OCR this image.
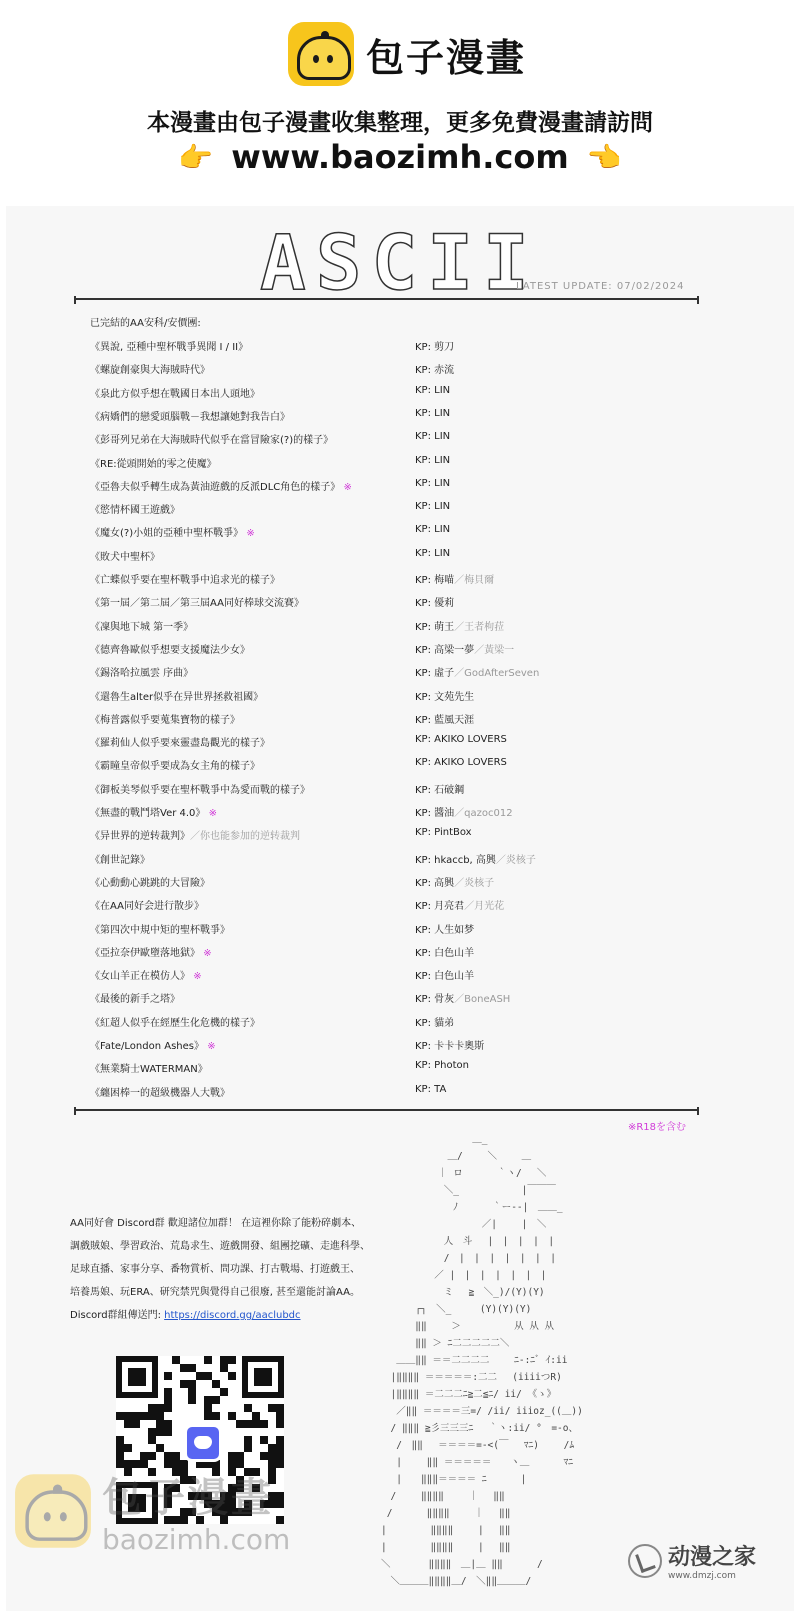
包子漫畫
本漫畫由包子漫畫收集整理，更多免費漫畫請訪問
👉 www.baozimh.com 👈
ASCII
LATEST UPDATE: 07/02/2024
已完結的AA安科/安價團:
《異說, 亞種中聖杯戰爭異聞 I / II》	KP: 剪刀
《螺旋創豪與大海賊時代》	KP: 赤流
《泉此方似乎想在戰國日本出人頭地》	KP: LIN
《病嬌們的戀愛頭腦戰－我想讓她對我告白》	KP: LIN
《彭哥列兄弟在大海賊時代似乎在當冒險家(?)的樣子》	KP: LIN
《RE:從頭開始的零之使魔》	KP: LIN
《亞魯夫似乎轉生成為黃油遊戲的反派DLC角色的樣子》 ※	KP: LIN
《慾情杯國王遊戲》	KP: LIN
《魔女(?)小姐的亞種中聖杯戰爭》 ※	KP: LIN
《敗犬中聖杯》	KP: LIN
《亡蝶似乎要在聖杯戰爭中追求光的樣子》	KP: 梅喵／梅貝爾
《第一屆／第二屆／第三屆AA同好棒球交流賽》	KP: 優莉
《凜與地下城 第一季》	KP: 萌王／王者枸菈
《德齊魯歐似乎想要支援魔法少女》	KP: 高梁一夢／黃梁一
《錫洛哈拉風雲 序曲》	KP: 虛子／GodAfterSeven
《還魯生alter似乎在异世界拯救祖國》	KP: 文苑先生
《梅普露似乎要蒐集寶物的樣子》	KP: 藍風天涯
《羅莉仙人似乎要來靈盡島觀光的樣子》	KP: AKIKO LOVERS
《霸瞳皇帝似乎要成為女主角的樣子》	KP: AKIKO LOVERS
《御板美琴似乎要在聖杯戰爭中為愛而戰的樣子》	KP: 石破鋼
《無盡的戰鬥塔Ver 4.0》 ※	KP: 醬油／qazoc012
《异世界的逆转裁判》／你也能参加的逆转裁判	KP: PintBox
《創世記錄》	KP: hkaccb, 高興／炎核子
《心動動心跳跳的大冒險》	KP: 高興／炎核子
《在AA同好会进行散步》	KP: 月亮君／月光花
《第四次中規中矩的聖杯戰爭》	KP: 人生如梦
《亞拉奈伊歐墮落地獄》 ※	KP: 白色山羊
《女山羊正在模仿人》 ※	KP: 白色山羊
《最後的新手之塔》	KP: 骨灰／BoneASH
《紅超人似乎在經歷生化危機的樣子》	KP: 貓弟
《Fate/London Ashes》 ※	KP: 卡卡卡奧斯
《無業騎士WATERMAN》	KP: Photon
《纏困棒一的超級機器人大戰》	KP: TA
※R18を含む
AA同好會 Discord群 歡迎諸位加群！ 在這裡你除了能粉碎劇本、
調戲賊娘、學習政治、荒島求生、遊戲開發、組團挖礦、走進科學、
足球直播、家事分享、番物賞析、問功課、打古戰場、打遊戲王、
培養馬娘、玩ERA、研究禁咒與覺得自己很廢, 甚至還能討論AA。
Discord群組傳送門: https://discord.gg/aaclubdc
　　　　　　　　　 ＿_　　　　　　　＿/ 　　＼　　 ＿　　　　　　｜ ロ　　　 ｀ヽ/　 ＼　　　　　　 ＼_　　　　　　 |￣￣￣　　　　　　　 ﾉ　　　 ｀ー--|　＿＿_　　　　　　　　　　 ／|　　 |　＼　　　　　　 人　斗　 |　|　|　|　|　　　　　　 /　|　|　|　|　|　|　|　　　　　 ／ |　|　|　|　|　|　|　　　　　　 ミ　 ≧　＼_)/(Y)(Y)　　　 ┌┐　＼_　　　(Y)(Y)(Y)　　　 ‖‖　　 ＞　　　　　 从 从 从　　　 ‖‖ ＞ ﾆ二二二二二＼　 ＿＿‖‖ ＝＝二二二二　　 ﾆ-:ﾆﾞ ｲ:ii　|‖‖‖‖ ＝＝＝＝＝:二二　 (iiiiつR)　|‖‖‖‖ ＝二二二ﾆ≧二≦ﾆ/ ii/ 《ゝ》　 ／‖‖ ＝＝＝＝三=/ /ii/ iiioz_((＿))　/ ‖‖‖ ≧彡三三三ﾆ　 ｀ヽ:ii/ °　=-o、　 /　‖‖　 ＝＝＝＝=-<(￣　 ﾏﾆ)　　 /ﾑ　 |　　 ‖‖ ＝＝＝＝＝　　ヽ＿　　　 ﾏﾆ　 |　　‖‖‖＝＝＝＝ ﾆ　　　 |　/　　 ‖‖‖‖　　 ｜　 ‖‖ /　　　 ‖‖‖‖　　 ｜　 ‖‖ |　　　　 ‖‖‖‖　　 |　 ‖‖ |　　　　 ‖‖‖‖　　 |　 ‖‖＼　　　　‖‖‖‖　＿|＿ ‖‖　　　 /　＼＿＿＿‖‖‖‖＿/　＼‖‖＿＿＿/
包子漫畫
baozimh.com
动漫之家
www.dmzj.com
